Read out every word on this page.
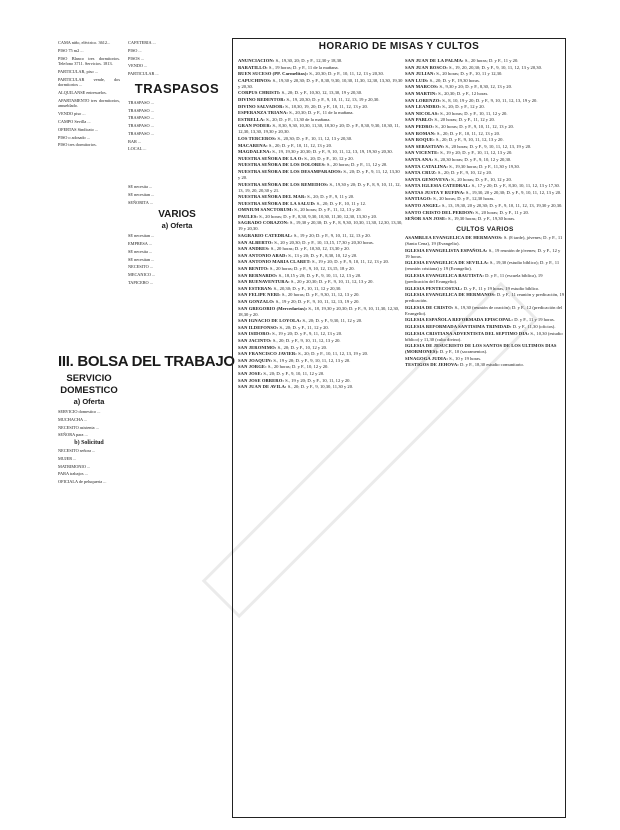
CAMA niño, eléctrico. 3612...
PISO 75 m2 ...
PISO Blanco tres dormitorios. Telefono 3711. Servicios. 1813.
PARTICULAR, piso ...
PARTICULAR vende, dos dormitorios ...
ALQUILANSE entresuelos.
APARTAMENTO tres dormitorios, amueblado.
VENDO piso ...
CAMPO Sevilla ...
OFERTAS Sindicato ...
PISO o adosado ...
PISO tres dormitorios.
III. BOLSA DEL TRABAJO
SERVICIO
DOMESTICO
a) Oferta
SERVICIO domestico ...
MUCHACHA ...
NECESITO asistenta ...
SEÑORA para ...
b) Solicitud
NECESITO señora ...
MUJER ...
MATRIMONIO ...
PARA trabajos ...
OFICIALA de peluqueria ...
CAFETERIA ...
PISO ...
PISOS ...
VENDO ...
PARTICULAR ...
TRASPASOS
TRASPASO ...
TRASPASO ...
TRASPASO ...
TRASPASO ...
TRASPASO ...
BAR ...
LOCAL ...
SE necesita ...
SE necesitan ...
SEÑORITA ...
VARIOS
a) Oferta
SE necesitan ...
EMPRESA ...
SE necesita ...
SE necesitan ...
NECESITO ...
MECANICO ...
TAPICERO ...
HORARIO DE MISAS Y CULTOS
ANUNCIACION: S., 19,30, 20; D. y F., 12,30 y 18,30.
BARATILLO: S., 19 horas; D. y F., 11 de la mañana.
BUEN SUCESO (PP. Carmelitas): S., 20,30; D. y F., 10, 11, 12, 13 y 20,30.
CAPUCHINOS: S., 19,30 y 20,30; D. y F., 8,30, 9,30, 10,30, 11,30, 12,30, 13,30, 19,30 y 20,30.
CORPUS CHRISTI: S., 20; D. y F., 10,30, 12, 13,30, 19 y 20,30.
DIVINO REDENTOR: S., 19, 20,30; D. y F., 9, 10, 11, 12, 13, 19 y 20,30.
DIVINO SALVADOR: S., 18,30, 19, 20; D. y F., 10, 11, 12, 13 y 20.
ESPERANZA TRIANA: S., 20,30; D. y F., 11 de la mañana.
ESTRELLA: S., 20; D. y F., 11,30 de la mañana.
GRAN PODER: S., 8,30, 9,30, 10,30, 11,30, 18,30 y 20; D. y F., 8,30, 9,30, 10,30, 11, 12,30, 13,30, 19,30 y 20,30.
LOS TERCEROS: S., 20,30; D. y F., 10, 11, 12, 13 y 20,30.
MACARENA: S., 20; D. y F., 10, 11, 12, 13 y 20.
MAGDALENA: S., 19, 19,30 y 20,30; D. y F., 9, 10, 11, 12, 13, 19, 19,30 y 20,30.
NUESTRA SEÑORA DE LA O: S., 20; D. y F., 10, 12 y 20.
NUESTRA SEÑORA DE LOS DOLORES: S., 20 horas; D. y F., 11, 12 y 20.
NUESTRA SEÑORA DE LOS DESAMPARADOS: S., 20; D. y F., 9, 11, 12, 13,30 y 20.
NUESTRA SEÑORA DE LOS REMEDIOS: S., 19,30 y 20; D. y F., 8, 9, 10, 11, 12, 13, 19, 20, 20,30 y 21.
NUESTRA SEÑORA DEL MAR: S., 20; D. y F., 9, 11 y 20.
NUESTRA SEÑORA DE LA SALUD: S., 20; D. y F., 10, 11 y 12.
OMNIUM SANCTORUM: S., 20 horas; D. y F., 11, 12, 13 y 20.
PAULES: S., 20 horas; D. y F., 8,30, 9,30, 10,30, 11,30, 12,30, 13,30 y 20.
SAGRADO CORAZON: S., 19,30 y 20,30; D. y F., 8, 9,30, 10,30, 11,30, 12,30, 13,30, 19 y 20,30.
SAGRARIO CATEDRAL: S., 19 y 20; D. y F., 9, 10, 11, 12, 13 y 20.
SAN ALBERTO: S., 20 y 20,30; D. y F., 10, 13,15, 17,30 y 20,30 horas.
SAN ANDRES: S., 20 horas; D. y F., 10,30, 12, 13,30 y 20.
SAN ANTONIO ABAD: S., 13 y 20; D. y F., 8,30, 10, 12 y 20.
SAN ANTONIO MARIA CLARET: S., 19 y 20; D. y F., 9, 10, 11, 12, 13 y 20.
SAN BENITO: S., 20 horas; D. y F., 9, 10, 12, 13,15, 18 y 20.
SAN BERNARDO: S., 18,15 y 20; D. y F., 9, 10, 11, 12, 13 y 20.
SAN BUENAVENTURA: S., 20 y 20,30; D. y F., 9, 10, 11, 12, 13 y 20.
SAN ESTEBAN: S., 20,30; D. y F., 10, 11, 12 y 20,30.
SAN FELIPE NERI: S., 20 horas; D. y F., 9,30, 11, 12, 13 y 20.
SAN GONZALO: S., 19 y 20; D. y F., 9, 10, 11, 12, 13, 19 y 20.
SAN GREGORIO (Mercedarias): S., 18, 19,30 y 20,30; D. y F., 9, 10, 11,30, 12,30, 18,30 y 20.
SAN IGNACIO DE LOYOLA: S., 20; D. y F., 9,30, 11, 12 y 20.
SAN ILDEFONSO: S., 20; D. y F., 11, 12 y 20.
SAN ISIDORO: S., 19 y 20; D. y F., 9, 11, 12, 13 y 20.
SAN JACINTO: S., 20; D. y F., 9, 10, 11, 12, 13 y 20.
SAN JERONIMO: S., 20; D. y F., 10, 12 y 20.
SAN FRANCISCO JAVIER: S., 20; D. y F., 10, 11, 12, 13, 19 y 20.
SAN JOAQUIN: S., 19 y 20; D. y F., 9, 10, 11, 12, 13 y 20.
SAN JORGE: S., 20 horas; D. y F., 10, 12 y 20.
SAN JOSE: S., 20; D. y F., 9, 10, 11, 12 y 20.
SAN JOSE OBRERO: S., 19 y 20; D. y F., 10, 11, 12 y 20.
SAN JUAN DE AVILA: S., 20; D. y F., 9, 10,30, 11,30 y 20.
SAN JUAN DE LA PALMA: S., 20 horas; D. y F., 11 y 20.
SAN JUAN BOSCO: S., 19, 20, 20,30; D. y F., 9, 10, 11, 12, 13 y 20,30.
SAN JULIAN: S., 20 horas; D. y F., 10, 11 y 12,30.
SAN LUIS: S., 20; D. y F., 19,30 horas.
SAN MARCOS: S., 9,30 y 20; D. y F., 8,30, 12, 13 y 20.
SAN MARTIN: S., 20,30; D. y F., 12 horas.
SAN LORENZO: S., 8, 10, 19 y 20; D. y F., 9, 10, 11, 12, 13, 19 y 20.
SAN LEANDRO: S., 20; D. y F., 12 y 20.
SAN NICOLAS: S., 20 horas; D. y F., 10, 11, 12 y 20.
SAN PABLO: S., 20 horas; D. y F., 11, 12 y 20.
SAN PEDRO: S., 20 horas; D. y F., 9, 10, 11, 12, 13 y 20.
SAN ROMAN: S., 20; D. y F., 10, 11, 12, 13 y 20.
SAN ROQUE: S., 20; D. y F., 9, 10, 11, 12, 13 y 20.
SAN SEBASTIAN: S., 20 horas; D. y F., 9, 10, 11, 12, 13, 19 y 20.
SAN VICENTE: S., 19 y 20; D. y F., 10, 11, 12, 13 y 20.
SANTA ANA: S., 20,30 horas; D. y F., 9, 10, 12 y 20,30.
SANTA CATALINA: S., 19,30 horas; D. y F., 11,30 y 19,30.
SANTA CRUZ: S., 20; D. y F., 9, 10, 12 y 20.
SANTA GENOVEVA: S., 20 horas; D. y F., 10, 12 y 20.
SANTA IGLESIA CATEDRAL: S., 17 y 20; D. y F., 8,30, 10, 11, 12, 13 y 17,30.
SANTAS JUSTA Y RUFINA: S., 19,30, 20 y 20,30; D. y F., 9, 10, 11, 12, 13 y 20.
SANTIAGO: S., 20 horas; D. y F., 12,30 horas.
SANTO ANGEL: S., 13, 19,30, 20 y 20,30; D. y F., 9, 10, 11, 12, 13, 19,30 y 20,30.
SANTO CRISTO DEL PERDON: S., 20 horas; D. y F., 11 y 20.
SEÑOR SAN JOSE: S., 19,30 horas; D. y F., 19,30 horas.
CULTOS VARIOS
ASAMBLEA EVANGELICA DE HERMANOS: S. (8 tarde), jóvenes; D. y F., 11 (Santa Cena), 19 (Evangelio).
IGLESIA EVANGELISTA ESPAÑOLA: S., 19 reunión de jóvenes; D. y F., 12 y 19 horas.
IGLESIA EVANGELICA DE SEVILLA: S., 19,30 (estudio bíblico); D. y F., 11 (reunión cristiana) y 19 (Evangelio).
IGLESIA EVANGELICA BAUTISTA: D. y F., 11 (escuela bíblica), 19 (predicación del Evangelio).
IGLESIA PENTECOSTAL: D. y F., 11 y 19 horas, 19 estudio bíblico.
IGLESIA EVANGELICA DE HERMANOS: D. y F., 11 reunión y predicación, 19 predicación.
IGLESIA DE CRISTO: S., 19,30 (reunión de oración); D. y F., 12 (predicación del Evangelio).
IGLESIA ESPAÑOLA REFORMADA EPISCOPAL: D. y F., 11 y 19 horas.
IGLESIA REFORMADA SANTISIMA TRINIDAD: D. y F., 11,30 (oficios).
IGLESIA CRISTIANA ADVENTISTA DEL SEPTIMO DIA: S., 10,30 (estudio bíblico) y 11,30 (culto divino).
IGLESIA DE JESUCRISTO DE LOS SANTOS DE LOS ULTIMOS DIAS (MORMONES): D. y F., 10 (sacramentos).
SINAGOGA JUDIA: S., 10 y 19 horas.
TESTIGOS DE JEHOVA: D. y F., 18,30 estudio comunitario.
